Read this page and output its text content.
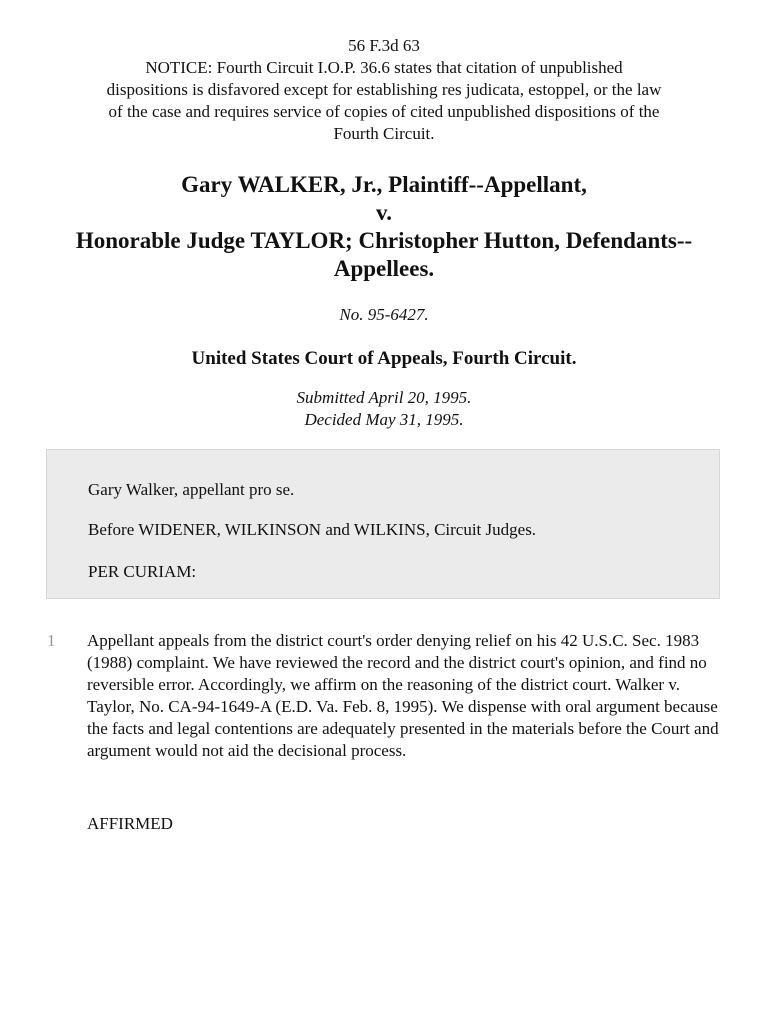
56 F.3d 63
NOTICE: Fourth Circuit I.O.P. 36.6 states that citation of unpublished
dispositions is disfavored except for establishing res judicata, estoppel, or the law
of the case and requires service of copies of cited unpublished dispositions of the
Fourth Circuit.
Gary WALKER, Jr., Plaintiff--Appellant,
v.
Honorable Judge TAYLOR; Christopher Hutton, Defendants--
Appellees.
No. 95-6427.
United States Court of Appeals, Fourth Circuit.
Submitted April 20, 1995.
Decided May 31, 1995.

Gary Walker, appellant pro se.

Before WIDENER, WILKINSON and WILKINS, Circuit Judges.

PER CURIAM:

1 Appellant appeals from the district court's order denying relief on his 42 U.S.C. Sec. 1983 (1988) complaint. We have reviewed the record and the district court's opinion, and find no reversible error. Accordingly, we affirm on the reasoning of the district court. Walker v. Taylor, No. CA-94-1649-A (E.D. Va. Feb. 8, 1995). We dispense with oral argument because the facts and legal contentions are adequately presented in the materials before the Court and argument would not aid the decisional process.
AFFIRMED
